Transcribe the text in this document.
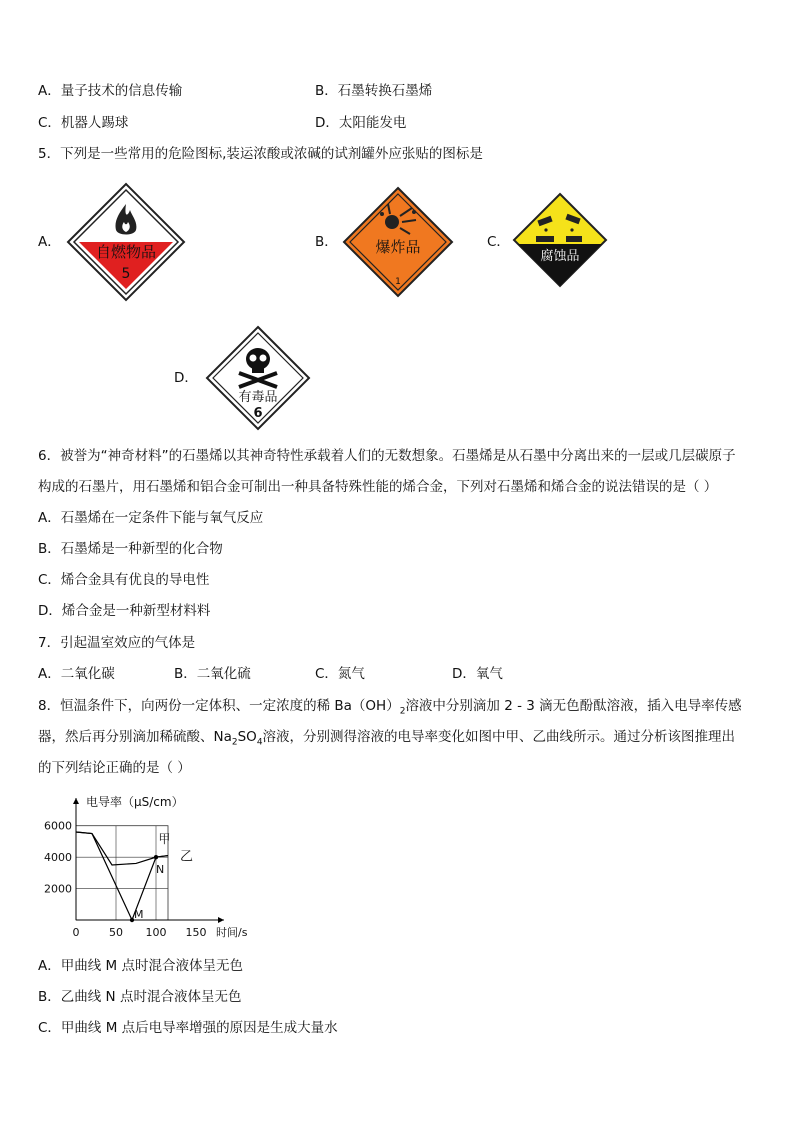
A．量子技术的信息传输	B．石墨转换石墨烯
C．机器人踢球	D．太阳能发电
5．下列是一些常用的危险图标,装运浓酸或浓碱的试剂罐外应张贴的图标是
A．
自燃物品
5
B．	爆炸品
1
C．
腐蚀品
D．
有毒品
6
6．被誉为“神奇材料”的石墨烯以其神奇特性承载着人们的无数想象。石墨烯是从石墨中分离出来的一层或几层碳原子
构成的石墨片，用石墨烯和铝合金可制出一种具备特殊性能的烯合金，下列对石墨烯和烯合金的说法错误的是（ ）
A．石墨烯在一定条件下能与氧气反应
B．石墨烯是一种新型的化合物
C．烯合金具有优良的导电性
D．烯合金是一种新型材料料
7．引起温室效应的气体是
A．二氧化碳	B．二氧化硫	C．氮气	D．氧气
8．恒温条件下，向两份一定体积、一定浓度的稀 $Ba(OH)_2$溶液中分别滴加 2 - 3 滴无色酚酞溶液，插入电导率传感
器，然后再分别滴加稀硫酸、$Na_2SO_4$溶液，分别测得溶液的电导率变化如图中甲、乙曲线所示。通过分析该图推理出
的下列结论正确的是（ ）
电导率（μS/cm）
时间/s
0	50 100 150
2000
4000
6000
甲
乙
M
N
A．甲曲线 M 点时混合液体呈无色
B．乙曲线 N 点时混合液体呈无色
C．甲曲线 M 点后电导率增强的原因是生成大量水
